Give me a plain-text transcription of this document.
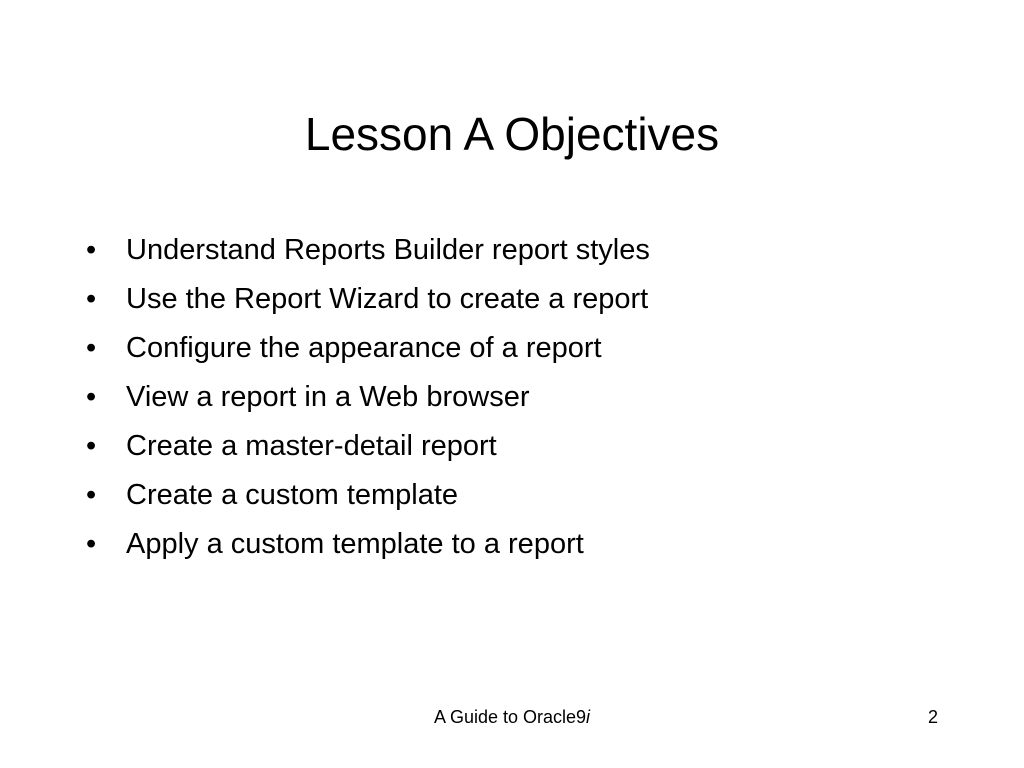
Lesson A Objectives
•	Understand Reports Builder report styles
•	Use the Report Wizard to create a report
•	Configure the appearance of a report
•	View a report in a Web browser
•	Create a master-detail report
•	Create a custom template
•	Apply a custom template to a report
A Guide to Oracle9i	2
